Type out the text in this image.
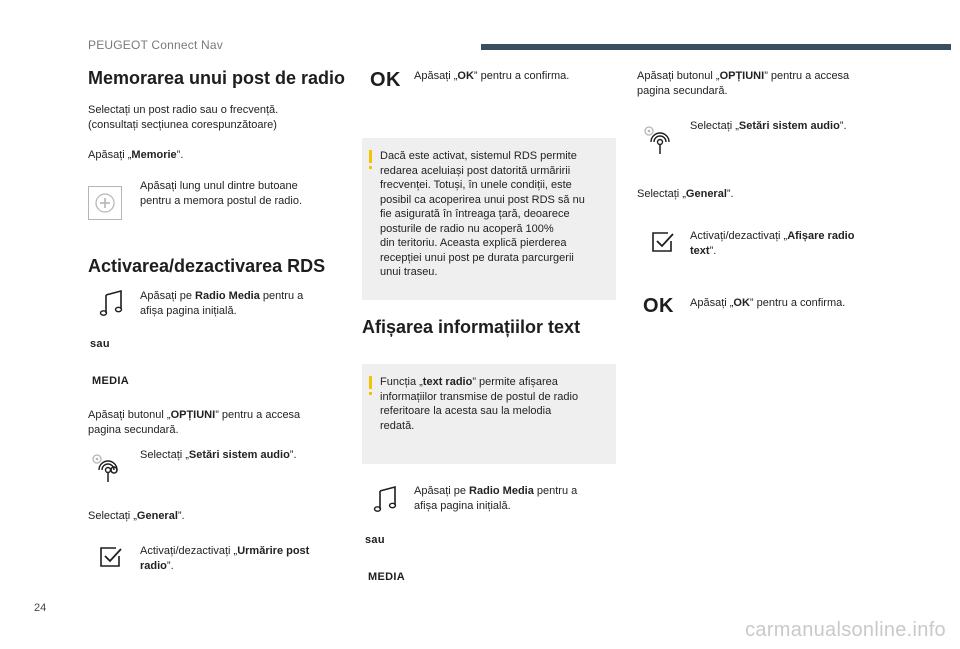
PEUGEOT Connect Nav
Memorarea unui post de radio

Selectați un post radio sau o frecvență.
(consultați secțiunea corespunzătoare)

Apăsați „Memorie”.

Apăsați lung unul dintre butoane
pentru a memora postul de radio.

Activarea/dezactivarea RDS

Apăsați pe Radio Media pentru a
afișa pagina inițială.

sau
MEDIA

Apăsați butonul „OPȚIUNI” pentru a accesa
pagina secundară.

Selectați „Setări sistem audio”.

Selectați „General”.

Activați/dezactivați „Urmărire post
radio”.

OK Apăsați „OK” pentru a confirma.

Dacă este activat, sistemul RDS permite
redarea aceluiași post datorită urmăririi
frecvenței. Totuși, în unele condiții, este
posibil ca acoperirea unui post RDS să nu
fie asigurată în întreaga țară, deoarece
posturile de radio nu acoperă 100%
din teritoriu. Aceasta explică pierderea
recepției unui post pe durata parcurgerii
unui traseu.
Afișarea informațiilor text
Funcția „text radio” permite afișarea
informațiilor transmise de postul de radio
referitoare la acesta sau la melodia
redată.

Apăsați pe Radio Media pentru a
afișa pagina inițială.

sau
MEDIA

Apăsați butonul „OPȚIUNI” pentru a accesa
pagina secundară.

Selectați „Setări sistem audio”.

Selectați „General”.

Activați/dezactivați „Afișare radio
text”.

OK Apăsați „OK” pentru a confirma.

24
carmanualsonline.info
